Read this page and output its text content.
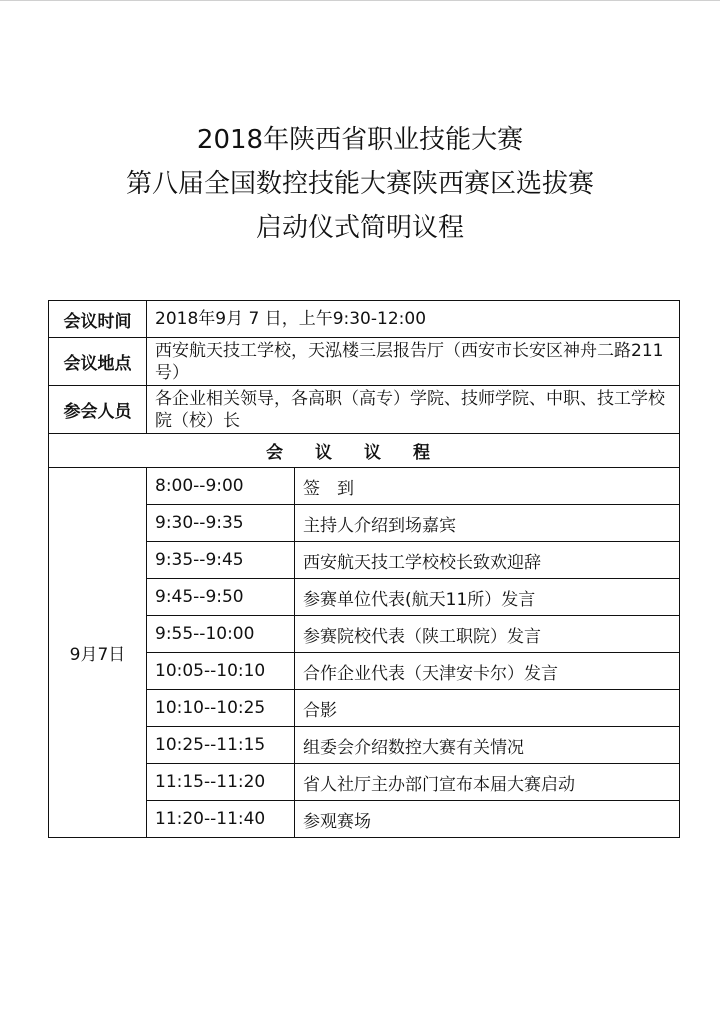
2018年陕西省职业技能大赛
第八届全国数控技能大赛陕西赛区选拔赛
启动仪式简明议程
会议时间	2018年9月 7 日，上午9:30-12:00	
会议地点	西安航天技工学校，天泓楼三层报告厅（西安市长安区神舟二路211号）	
参会人员	各企业相关领导，各高职（高专）学院、技师学院、中职、技工学校院（校）长	
会议议程		
9月7日	8:00--9:00	签　到
	9:30--9:35	主持人介绍到场嘉宾
	9:35--9:45	西安航天技工学校校长致欢迎辞
	9:45--9:50	参赛单位代表(航天11所）发言
	9:55--10:00	参赛院校代表（陕工职院）发言
	10:05--10:10	合作企业代表（天津安卡尔）发言
	10:10--10:25	合影
	10:25--11:15	组委会介绍数控大赛有关情况
	11:15--11:20	省人社厅主办部门宣布本届大赛启动
	11:20--11:40	参观赛场
